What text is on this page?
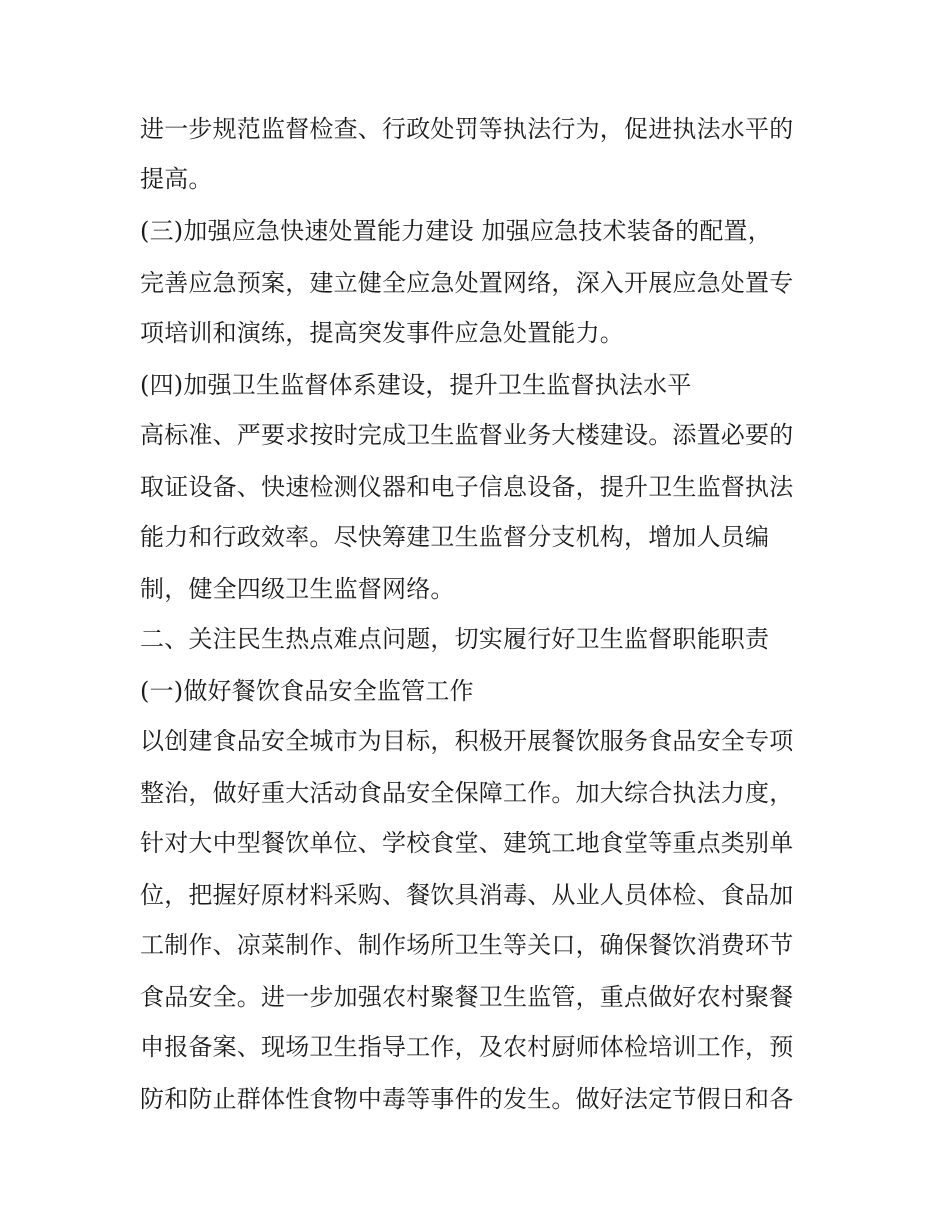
进一步规范监督检查、行政处罚等执法行为，促进执法水平的
提高。
(三)加强应急快速处置能力建设 加强应急技术装备的配置，
完善应急预案，建立健全应急处置网络，深入开展应急处置专
项培训和演练，提高突发事件应急处置能力。
(四)加强卫生监督体系建设，提升卫生监督执法水平
高标准、严要求按时完成卫生监督业务大楼建设。添置必要的
取证设备、快速检测仪器和电子信息设备，提升卫生监督执法
能力和行政效率。尽快筹建卫生监督分支机构，增加人员编
制，健全四级卫生监督网络。
二、关注民生热点难点问题，切实履行好卫生监督职能职责
(一)做好餐饮食品安全监管工作
以创建食品安全城市为目标，积极开展餐饮服务食品安全专项
整治，做好重大活动食品安全保障工作。加大综合执法力度，
针对大中型餐饮单位、学校食堂、建筑工地食堂等重点类别单
位，把握好原材料采购、餐饮具消毒、从业人员体检、食品加
工制作、凉菜制作、制作场所卫生等关口，确保餐饮消费环节
食品安全。进一步加强农村聚餐卫生监管，重点做好农村聚餐
申报备案、现场卫生指导工作，及农村厨师体检培训工作，预
防和防止群体性食物中毒等事件的发生。做好法定节假日和各
